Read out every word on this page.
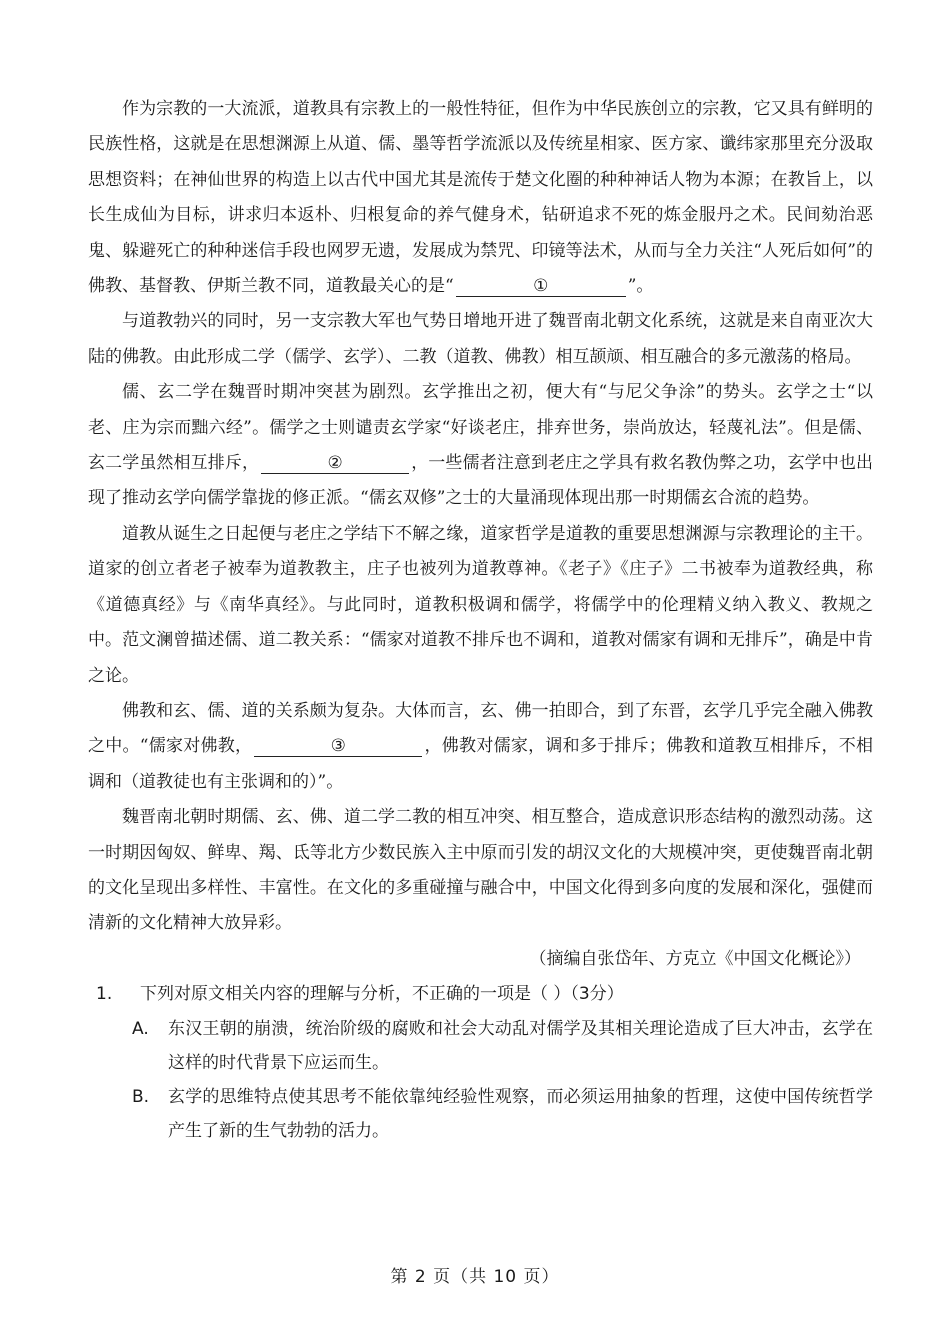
作为宗教的一大流派，道教具有宗教上的一般性特征，但作为中华民族创立的宗教，它又具有鲜明的民族性格，这就是在思想渊源上从道、儒、墨等哲学流派以及传统星相家、医方家、谶纬家那里充分汲取思想资料；在神仙世界的构造上以古代中国尤其是流传于楚文化圈的种种神话人物为本源；在教旨上，以长生成仙为目标，讲求归本返朴、归根复命的养气健身术，钻研追求不死的炼金服丹之术。民间劾治恶鬼、躲避死亡的种种迷信手段也网罗无遗，发展成为禁咒、印镜等法术，从而与全力关注“人死后如何”的佛教、基督教、伊斯兰教不同，道教最关心的是“	①	”。

与道教勃兴的同时，另一支宗教大军也气势日增地开进了魏晋南北朝文化系统，这就是来自南亚次大陆的佛教。由此形成二学（儒学、玄学）、二教（道教、佛教）相互颉颃、相互融合的多元激荡的格局。

儒、玄二学在魏晋时期冲突甚为剧烈。玄学推出之初，便大有“与尼父争涂”的势头。玄学之士“以老、庄为宗而黜六经”。儒学之士则谴责玄学家“好谈老庄，排弃世务，崇尚放达，轻蔑礼法”。但是儒、玄二学虽然相互排斥，	②	，一些儒者注意到老庄之学具有救名教伪弊之功，玄学中也出现了推动玄学向儒学靠拢的修正派。“儒玄双修”之士的大量涌现体现出那一时期儒玄合流的趋势。

道教从诞生之日起便与老庄之学结下不解之缘，道家哲学是道教的重要思想渊源与宗教理论的主干。道家的创立者老子被奉为道教教主，庄子也被列为道教尊神。《老子》《庄子》二书被奉为道教经典，称《道德真经》与《南华真经》。与此同时，道教积极调和儒学，将儒学中的伦理精义纳入教义、教规之中。范文澜曾描述儒、道二教关系：“儒家对道教不排斥也不调和，道教对儒家有调和无排斥”，确是中肯之论。

佛教和玄、儒、道的关系颇为复杂。大体而言，玄、佛一拍即合，到了东晋，玄学几乎完全融入佛教之中。“儒家对佛教，	③	，佛教对儒家，调和多于排斥；佛教和道教互相排斥，不相调和（道教徒也有主张调和的）”。

魏晋南北朝时期儒、玄、佛、道二学二教的相互冲突、相互整合，造成意识形态结构的激烈动荡。这一时期因匈奴、鲜卑、羯、氐等北方少数民族入主中原而引发的胡汉文化的大规模冲突，更使魏晋南北朝的文化呈现出多样性、丰富性。在文化的多重碰撞与融合中，中国文化得到多向度的发展和深化，强健而清新的文化精神大放异彩。

（摘编自张岱年、方克立《中国文化概论》）

1.	下列对原文相关内容的理解与分析，不正确的一项是（ ）（3分）
A.	东汉王朝的崩溃，统治阶级的腐败和社会大动乱对儒学及其相关理论造成了巨大冲击，玄学在这样的时代背景下应运而生。
B.	玄学的思维特点使其思考不能依靠纯经验性观察，而必须运用抽象的哲理，这使中国传统哲学产生了新的生气勃勃的活力。
第 2 页（共 10 页）
